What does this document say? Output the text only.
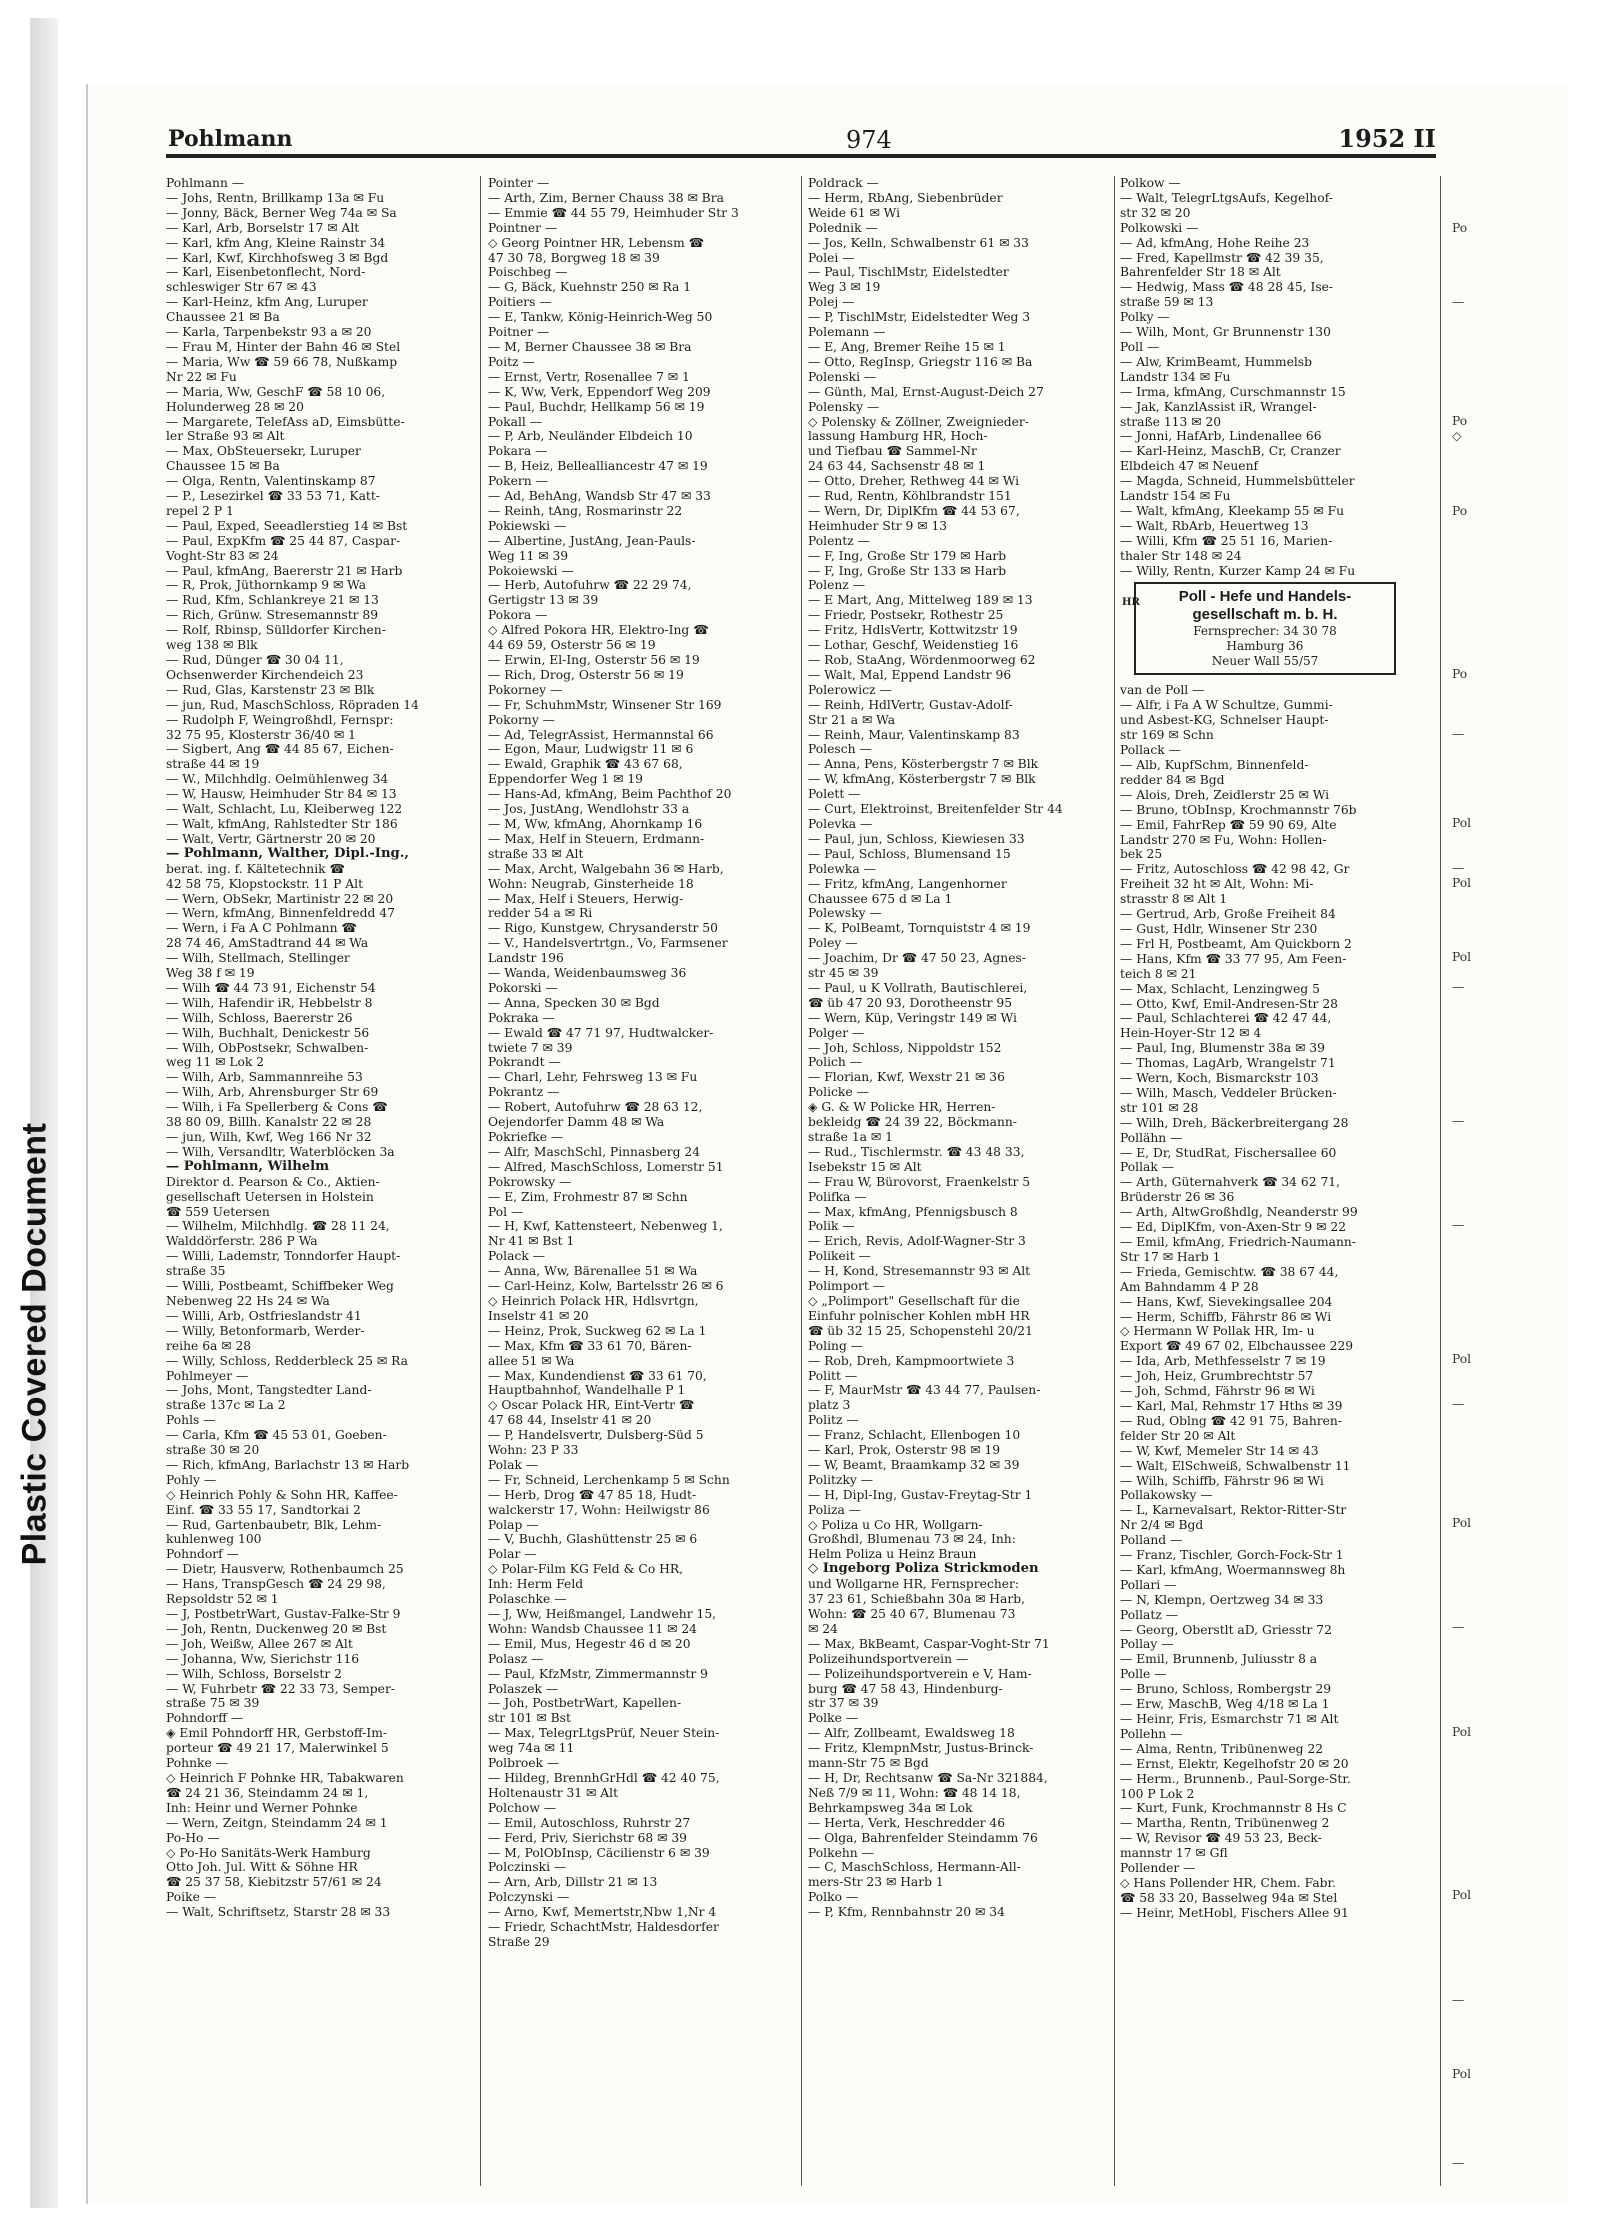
Plastic Covered Document
Pohlmann	974	1952 II
Pohlmann —
— Johs, Rentn, Brillkamp 13a ✉ Fu
— Jonny, Bäck, Berner Weg 74a ✉ Sa
— Karl, Arb, Borselstr 17 ✉ Alt
— Karl, kfm Ang, Kleine Rainstr 34
— Karl, Kwf, Kirchhofsweg 3 ✉ Bgd
— Karl, Eisenbetonflecht, Nord-
schleswiger Str 67 ✉ 43
— Karl-Heinz, kfm Ang, Luruper
Chaussee 21 ✉ Ba
— Karla, Tarpenbekstr 93 a ✉ 20
— Frau M, Hinter der Bahn 46 ✉ Stel
— Maria, Ww ☎ 59 66 78, Nußkamp
Nr 22 ✉ Fu
— Maria, Ww, GeschF ☎ 58 10 06,
Holunderweg 28 ✉ 20
— Margarete, TelefAss aD, Eimsbütte-
ler Straße 93 ✉ Alt
— Max, ObSteuersekr, Luruper
Chaussee 15 ✉ Ba
— Olga, Rentn, Valentinskamp 87
— P., Lesezirkel ☎ 33 53 71, Katt-
repel 2 P 1
— Paul, Exped, Seeadlerstieg 14 ✉ Bst
— Paul, ExpKfm ☎ 25 44 87, Caspar-
Voght-Str 83 ✉ 24
— Paul, kfmAng, Baererstr 21 ✉ Harb
— R, Prok, Jüthornkamp 9 ✉ Wa
— Rud, Kfm, Schlankreye 21 ✉ 13
— Rich, Grünw. Stresemannstr 89
— Rolf, Rbinsp, Sülldorfer Kirchen-
weg 138 ✉ Blk
— Rud, Dünger ☎ 30 04 11,
Ochsenwerder Kirchendeich 23
— Rud, Glas, Karstenstr 23 ✉ Blk
— jun, Rud, MaschSchloss, Röpraden 14
— Rudolph F, Weingroßhdl, Fernspr:
32 75 95, Klosterstr 36/40 ✉ 1
— Sigbert, Ang ☎ 44 85 67, Eichen-
straße 44 ✉ 19
— W., Milchhdlg. Oelmühlenweg 34
— W, Hausw, Heimhuder Str 84 ✉ 13
— Walt, Schlacht, Lu, Kleiberweg 122
— Walt, kfmAng, Rahlstedter Str 186
— Walt, Vertr, Gärtnerstr 20 ✉ 20
— Pohlmann, Walther, Dipl.-Ing.,
berat. ing. f. Kältetechnik ☎
42 58 75, Klopstockstr. 11 P Alt
— Wern, ObSekr, Martinistr 22 ✉ 20
— Wern, kfmAng, Binnenfeldredd 47
— Wern, i Fa A C Pohlmann ☎
28 74 46, AmStadtrand 44 ✉ Wa
— Wilh, Stellmach, Stellinger
Weg 38 f ✉ 19
— Wilh ☎ 44 73 91, Eichenstr 54
— Wilh, Hafendir iR, Hebbelstr 8
— Wilh, Schloss, Baererstr 26
— Wilh, Buchhalt, Denickestr 56
— Wilh, ObPostsekr, Schwalben-
weg 11 ✉ Lok 2
— Wilh, Arb, Sammannreihe 53
— Wilh, Arb, Ahrensburger Str 69
— Wilh, i Fa Spellerberg & Cons ☎
38 80 09, Billh. Kanalstr 22 ✉ 28
— jun, Wilh, Kwf, Weg 166 Nr 32
— Wilh, Versandltr, Waterblöcken 3a
— Pohlmann, Wilhelm
Direktor d. Pearson & Co., Aktien-
gesellschaft Uetersen in Holstein
☎ 559 Uetersen
— Wilhelm, Milchhdlg. ☎ 28 11 24,
Walddörferstr. 286 P Wa
— Willi, Lademstr, Tonndorfer Haupt-
straße 35
— Willi, Postbeamt, Schiffbeker Weg
Nebenweg 22 Hs 24 ✉ Wa
— Willi, Arb, Ostfrieslandstr 41
— Willy, Betonformarb, Werder-
reihe 6a ✉ 28
— Willy, Schloss, Redderbleck 25 ✉ Ra
Pohlmeyer —
— Johs, Mont, Tangstedter Land-
straße 137c ✉ La 2
Pohls —
— Carla, Kfm ☎ 45 53 01, Goeben-
straße 30 ✉ 20
— Rich, kfmAng, Barlachstr 13 ✉ Harb
Pohly —
◇ Heinrich Pohly & Sohn HR, Kaffee-
Einf. ☎ 33 55 17, Sandtorkai 2
— Rud, Gartenbaubetr, Blk, Lehm-
kuhlenweg 100
Pohndorf —
— Dietr, Hausverw, Rothenbaumch 25
— Hans, TranspGesch ☎ 24 29 98,
Repsoldstr 52 ✉ 1
— J, PostbetrWart, Gustav-Falke-Str 9
— Joh, Rentn, Duckenweg 20 ✉ Bst
— Joh, Weißw, Allee 267 ✉ Alt
— Johanna, Ww, Sierichstr 116
— Wilh, Schloss, Borselstr 2
— W, Fuhrbetr ☎ 22 33 73, Semper-
straße 75 ✉ 39
Pohndorff —
◈ Emil Pohndorff HR, Gerbstoff-Im-
porteur ☎ 49 21 17, Malerwinkel 5
Pohnke —
◇ Heinrich F Pohnke HR, Tabakwaren
☎ 24 21 36, Steindamm 24 ✉ 1,
Inh: Heinr und Werner Pohnke
— Wern, Zeitgn, Steindamm 24 ✉ 1
Po-Ho —
◇ Po-Ho Sanitäts-Werk Hamburg
Otto Joh. Jul. Witt & Söhne HR
☎ 25 37 58, Kiebitzstr 57/61 ✉ 24
Poike —
— Walt, Schriftsetz, Starstr 28 ✉ 33
Pointer —
— Arth, Zim, Berner Chauss 38 ✉ Bra
— Emmie ☎ 44 55 79, Heimhuder Str 3
Pointner —
◇ Georg Pointner HR, Lebensm ☎
47 30 78, Borgweg 18 ✉ 39
Poischbeg —
— G, Bäck, Kuehnstr 250 ✉ Ra 1
Poitiers —
— E, Tankw, König-Heinrich-Weg 50
Poitner —
— M, Berner Chaussee 38 ✉ Bra
Poitz —
— Ernst, Vertr, Rosenallee 7 ✉ 1
— K, Ww, Verk, Eppendorf Weg 209
— Paul, Buchdr, Hellkamp 56 ✉ 19
Pokall —
— P, Arb, Neuländer Elbdeich 10
Pokara —
— B, Heiz, Bellealliancestr 47 ✉ 19
Pokern —
— Ad, BehAng, Wandsb Str 47 ✉ 33
— Reinh, tAng, Rosmarinstr 22
Pokiewski —
— Albertine, JustAng, Jean-Pauls-
Weg 11 ✉ 39
Pokoiewski —
— Herb, Autofuhrw ☎ 22 29 74,
Gertigstr 13 ✉ 39
Pokora —
◇ Alfred Pokora HR, Elektro-Ing ☎
44 69 59, Osterstr 56 ✉ 19
— Erwin, El-Ing, Osterstr 56 ✉ 19
— Rich, Drog, Osterstr 56 ✉ 19
Pokorney —
— Fr, SchuhmMstr, Winsener Str 169
Pokorny —
— Ad, TelegrAssist, Hermannstal 66
— Egon, Maur, Ludwigstr 11 ✉ 6
— Ewald, Graphik ☎ 43 67 68,
Eppendorfer Weg 1 ✉ 19
— Hans-Ad, kfmAng, Beim Pachthof 20
— Jos, JustAng, Wendlohstr 33 a
— M, Ww, kfmAng, Ahornkamp 16
— Max, Helf in Steuern, Erdmann-
straße 33 ✉ Alt
— Max, Archt, Walgebahn 36 ✉ Harb,
Wohn: Neugrab, Ginsterheide 18
— Max, Helf i Steuers, Herwig-
redder 54 a ✉ Ri
— Rigo, Kunstgew, Chrysanderstr 50
— V., Handelsvertrtgn., Vo, Farmsener
Landstr 196
— Wanda, Weidenbaumsweg 36
Pokorski —
— Anna, Specken 30 ✉ Bgd
Pokraka —
— Ewald ☎ 47 71 97, Hudtwalcker-
twiete 7 ✉ 39
Pokrandt —
— Charl, Lehr, Fehrsweg 13 ✉ Fu
Pokrantz —
— Robert, Autofuhrw ☎ 28 63 12,
Oejendorfer Damm 48 ✉ Wa
Pokriefke —
— Alfr, MaschSchl, Pinnasberg 24
— Alfred, MaschSchloss, Lomerstr 51
Pokrowsky —
— E, Zim, Frohmestr 87 ✉ Schn
Pol —
— H, Kwf, Kattensteert, Nebenweg 1,
Nr 41 ✉ Bst 1
Polack —
— Anna, Ww, Bärenallee 51 ✉ Wa
— Carl-Heinz, Kolw, Bartelsstr 26 ✉ 6
◇ Heinrich Polack HR, Hdlsvrtgn,
Inselstr 41 ✉ 20
— Heinz, Prok, Suckweg 62 ✉ La 1
— Max, Kfm ☎ 33 61 70, Bären-
allee 51 ✉ Wa
— Max, Kundendienst ☎ 33 61 70,
Hauptbahnhof, Wandelhalle P 1
◇ Oscar Polack HR, Eint-Vertr ☎
47 68 44, Inselstr 41 ✉ 20
— P, Handelsvertr, Dulsberg-Süd 5
Wohn: 23 P 33
Polak —
— Fr, Schneid, Lerchenkamp 5 ✉ Schn
— Herb, Drog ☎ 47 85 18, Hudt-
walckerstr 17, Wohn: Heilwigstr 86
Polap —
— V, Buchh, Glashüttenstr 25 ✉ 6
Polar —
◇ Polar-Film KG Feld & Co HR,
Inh: Herm Feld
Polaschke —
— J, Ww, Heißmangel, Landwehr 15,
Wohn: Wandsb Chaussee 11 ✉ 24
— Emil, Mus, Hegestr 46 d ✉ 20
Polasz —
— Paul, KfzMstr, Zimmermannstr 9
Polaszek —
— Joh, PostbetrWart, Kapellen-
str 101 ✉ Bst
— Max, TelegrLtgsPrüf, Neuer Stein-
weg 74a ✉ 11
Polbroek —
— Hildeg, BrennhGrHdl ☎ 42 40 75,
Holtenaustr 31 ✉ Alt
Polchow —
— Emil, Autoschloss, Ruhrstr 27
— Ferd, Priv, Sierichstr 68 ✉ 39
— M, PolObInsp, Cäcilienstr 6 ✉ 39
Polczinski —
— Arn, Arb, Dillstr 21 ✉ 13
Polczynski —
— Arno, Kwf, Memertstr,Nbw 1,Nr 4
— Friedr, SchachtMstr, Haldesdorfer
Straße 29
Poldrack —
— Herm, RbAng, Siebenbrüder
Weide 61 ✉ Wi
Polednik —
— Jos, Kelln, Schwalbenstr 61 ✉ 33
Polei —
— Paul, TischlMstr, Eidelstedter
Weg 3 ✉ 19
Polej —
— P, TischlMstr, Eidelstedter Weg 3
Polemann —
— E, Ang, Bremer Reihe 15 ✉ 1
— Otto, RegInsp, Griegstr 116 ✉ Ba
Polenski —
— Günth, Mal, Ernst-August-Deich 27
Polensky —
◇ Polensky & Zöllner, Zweignieder-
lassung Hamburg HR, Hoch-
und Tiefbau ☎ Sammel-Nr
24 63 44, Sachsenstr 48 ✉ 1
— Otto, Dreher, Rethweg 44 ✉ Wi
— Rud, Rentn, Köhlbrandstr 151
— Wern, Dr, DiplKfm ☎ 44 53 67,
Heimhuder Str 9 ✉ 13
Polentz —
— F, Ing, Große Str 179 ✉ Harb
— F, Ing, Große Str 133 ✉ Harb
Polenz —
— E Mart, Ang, Mittelweg 189 ✉ 13
— Friedr, Postsekr, Rothestr 25
— Fritz, HdlsVertr, Kottwitzstr 19
— Lothar, Geschf, Weidenstieg 16
— Rob, StaAng, Wördenmoorweg 62
— Walt, Mal, Eppend Landstr 96
Polerowicz —
— Reinh, HdlVertr, Gustav-Adolf-
Str 21 a ✉ Wa
— Reinh, Maur, Valentinskamp 83
Polesch —
— Anna, Pens, Kösterbergstr 7 ✉ Blk
— W, kfmAng, Kösterbergstr 7 ✉ Blk
Polett —
— Curt, Elektroinst, Breitenfelder Str 44
Polevka —
— Paul, jun, Schloss, Kiewiesen 33
— Paul, Schloss, Blumensand 15
Polewka —
— Fritz, kfmAng, Langenhorner
Chaussee 675 d ✉ La 1
Polewsky —
— K, PolBeamt, Tornquiststr 4 ✉ 19
Poley —
— Joachim, Dr ☎ 47 50 23, Agnes-
str 45 ✉ 39
— Paul, u K Vollrath, Bautischlerei,
☎ üb 47 20 93, Dorotheenstr 95
— Wern, Küp, Veringstr 149 ✉ Wi
Polger —
— Joh, Schloss, Nippoldstr 152
Polich —
— Florian, Kwf, Wexstr 21 ✉ 36
Policke —
◈ G. & W Policke HR, Herren-
bekleidg ☎ 24 39 22, Böckmann-
straße 1a ✉ 1
— Rud., Tischlermstr. ☎ 43 48 33,
Isebekstr 15 ✉ Alt
— Frau W, Bürovorst, Fraenkelstr 5
Polifka —
— Max, kfmAng, Pfennigsbusch 8
Polik —
— Erich, Revis, Adolf-Wagner-Str 3
Polikeit —
— H, Kond, Stresemannstr 93 ✉ Alt
Polimport —
◇ „Polimport" Gesellschaft für die
Einfuhr polnischer Kohlen mbH HR
☎ üb 32 15 25, Schopenstehl 20/21
Poling —
— Rob, Dreh, Kampmoortwiete 3
Politt —
— F, MaurMstr ☎ 43 44 77, Paulsen-
platz 3
Politz —
— Franz, Schlacht, Ellenbogen 10
— Karl, Prok, Osterstr 98 ✉ 19
— W, Beamt, Braamkamp 32 ✉ 39
Politzky —
— H, Dipl-Ing, Gustav-Freytag-Str 1
Poliza —
◇ Poliza u Co HR, Wollgarn-
Großhdl, Blumenau 73 ✉ 24, Inh:
Helm Poliza u Heinz Braun
◇ Ingeborg Poliza Strickmoden
und Wollgarne HR, Fernsprecher:
37 23 61, Schießbahn 30a ✉ Harb,
Wohn: ☎ 25 40 67, Blumenau 73
✉ 24
— Max, BkBeamt, Caspar-Voght-Str 71
Polizeihundsportverein —
— Polizeihundsportverein e V, Ham-
burg ☎ 47 58 43, Hindenburg-
str 37 ✉ 39
Polke —
— Alfr, Zollbeamt, Ewaldsweg 18
— Fritz, KlempnMstr, Justus-Brinck-
mann-Str 75 ✉ Bgd
— H, Dr, Rechtsanw ☎ Sa-Nr 321884,
Neß 7/9 ✉ 11, Wohn: ☎ 48 14 18,
Behrkampsweg 34a ✉ Lok
— Herta, Verk, Heschredder 46
— Olga, Bahrenfelder Steindamm 76
Polkehn —
— C, MaschSchloss, Hermann-All-
mers-Str 23 ✉ Harb 1
Polko —
— P, Kfm, Rennbahnstr 20 ✉ 34
Polkow —
— Walt, TelegrLtgsAufs, Kegelhof-
str 32 ✉ 20
Polkowski —
— Ad, kfmAng, Hohe Reihe 23
— Fred, Kapellmstr ☎ 42 39 35,
Bahrenfelder Str 18 ✉ Alt
— Hedwig, Mass ☎ 48 28 45, Ise-
straße 59 ✉ 13
Polky —
— Wilh, Mont, Gr Brunnenstr 130
Poll —
— Alw, KrimBeamt, Hummelsb
Landstr 134 ✉ Fu
— Irma, kfmAng, Curschmannstr 15
— Jak, KanzlAssist iR, Wrangel-
straße 113 ✉ 20
— Jonni, HafArb, Lindenallee 66
— Karl-Heinz, MaschB, Cr, Cranzer
Elbdeich 47 ✉ Neuenf
— Magda, Schneid, Hummelsbütteler
Landstr 154 ✉ Fu
— Walt, kfmAng, Kleekamp 55 ✉ Fu
— Walt, RbArb, Heuertweg 13
— Willi, Kfm ☎ 25 51 16, Marien-
thaler Str 148 ✉ 24
— Willy, Rentn, Kurzer Kamp 24 ✉ Fu
HR	Poll - Hefe und Handels-
gesellschaft m. b. H.
Fernsprecher: 34 30 78
Hamburg 36
Neuer Wall 55/57
van de Poll —
— Alfr, i Fa A W Schultze, Gummi-
und Asbest-KG, Schnelser Haupt-
str 169 ✉ Schn
Pollack —
— Alb, KupfSchm, Binnenfeld-
redder 84 ✉ Bgd
— Alois, Dreh, Zeidlerstr 25 ✉ Wi
— Bruno, tObInsp, Krochmannstr 76b
— Emil, FahrRep ☎ 59 90 69, Alte
Landstr 270 ✉ Fu, Wohn: Hollen-
bek 25
— Fritz, Autoschloss ☎ 42 98 42, Gr
Freiheit 32 ht ✉ Alt, Wohn: Mi-
strasstr 8 ✉ Alt 1
— Gertrud, Arb, Große Freiheit 84
— Gust, Hdlr, Winsener Str 230
— Frl H, Postbeamt, Am Quickborn 2
— Hans, Kfm ☎ 33 77 95, Am Feen-
teich 8 ✉ 21
— Max, Schlacht, Lenzingweg 5
— Otto, Kwf, Emil-Andresen-Str 28
— Paul, Schlachterei ☎ 42 47 44,
Hein-Hoyer-Str 12 ✉ 4
— Paul, Ing, Blumenstr 38a ✉ 39
— Thomas, LagArb, Wrangelstr 71
— Wern, Koch, Bismarckstr 103
— Wilh, Masch, Veddeler Brücken-
str 101 ✉ 28
— Wilh, Dreh, Bäckerbreitergang 28
Pollähn —
— E, Dr, StudRat, Fischersallee 60
Pollak —
— Arth, Güternahverk ☎ 34 62 71,
Brüderstr 26 ✉ 36
— Arth, AltwGroßhdlg, Neanderstr 99
— Ed, DiplKfm, von-Axen-Str 9 ✉ 22
— Emil, kfmAng, Friedrich-Naumann-
Str 17 ✉ Harb 1
— Frieda, Gemischtw. ☎ 38 67 44,
Am Bahndamm 4 P 28
— Hans, Kwf, Sievekingsallee 204
— Herm, Schiffb, Fährstr 86 ✉ Wi
◇ Hermann W Pollak HR, Im- u
Export ☎ 49 67 02, Elbchaussee 229
— Ida, Arb, Methfesselstr 7 ✉ 19
— Joh, Heiz, Grumbrechtstr 57
— Joh, Schmd, Fährstr 96 ✉ Wi
— Karl, Mal, Rehmstr 17 Hths ✉ 39
— Rud, Oblng ☎ 42 91 75, Bahren-
felder Str 20 ✉ Alt
— W, Kwf, Memeler Str 14 ✉ 43
— Walt, ElSchweiß, Schwalbenstr 11
— Wilh, Schiffb, Fährstr 96 ✉ Wi
Pollakowsky —
— L, Karnevalsart, Rektor-Ritter-Str
Nr 2/4 ✉ Bgd
Polland —
— Franz, Tischler, Gorch-Fock-Str 1
— Karl, kfmAng, Woermannsweg 8h
Pollari —
— N, Klempn, Oertzweg 34 ✉ 33
Pollatz —
— Georg, Oberstlt aD, Griesstr 72
Pollay —
— Emil, Brunnenb, Juliusstr 8 a
Polle —
— Bruno, Schloss, Rombergstr 29
— Erw, MaschB, Weg 4/18 ✉ La 1
— Heinr, Fris, Esmarchstr 71 ✉ Alt
Pollehn —
— Alma, Rentn, Tribünenweg 22
— Ernst, Elektr, Kegelhofstr 20 ✉ 20
— Herm., Brunnenb., Paul-Sorge-Str.
100 P Lok 2
— Kurt, Funk, Krochmannstr 8 Hs C
— Martha, Rentn, Tribünenweg 2
— W, Revisor ☎ 49 53 23, Beck-
mannstr 17 ✉ Gfl
Pollender —
◇ Hans Pollender HR, Chem. Fabr.
☎ 58 33 20, Basselweg 94a ✉ Stel
— Heinr, MetHobl, Fischers Allee 91
Po
—
Po
◇
Po
Po
—
Pol
—
Pol
Pol
—
—
—
Pol
—
Pol
—
Pol
Pol
—
Pol
—
